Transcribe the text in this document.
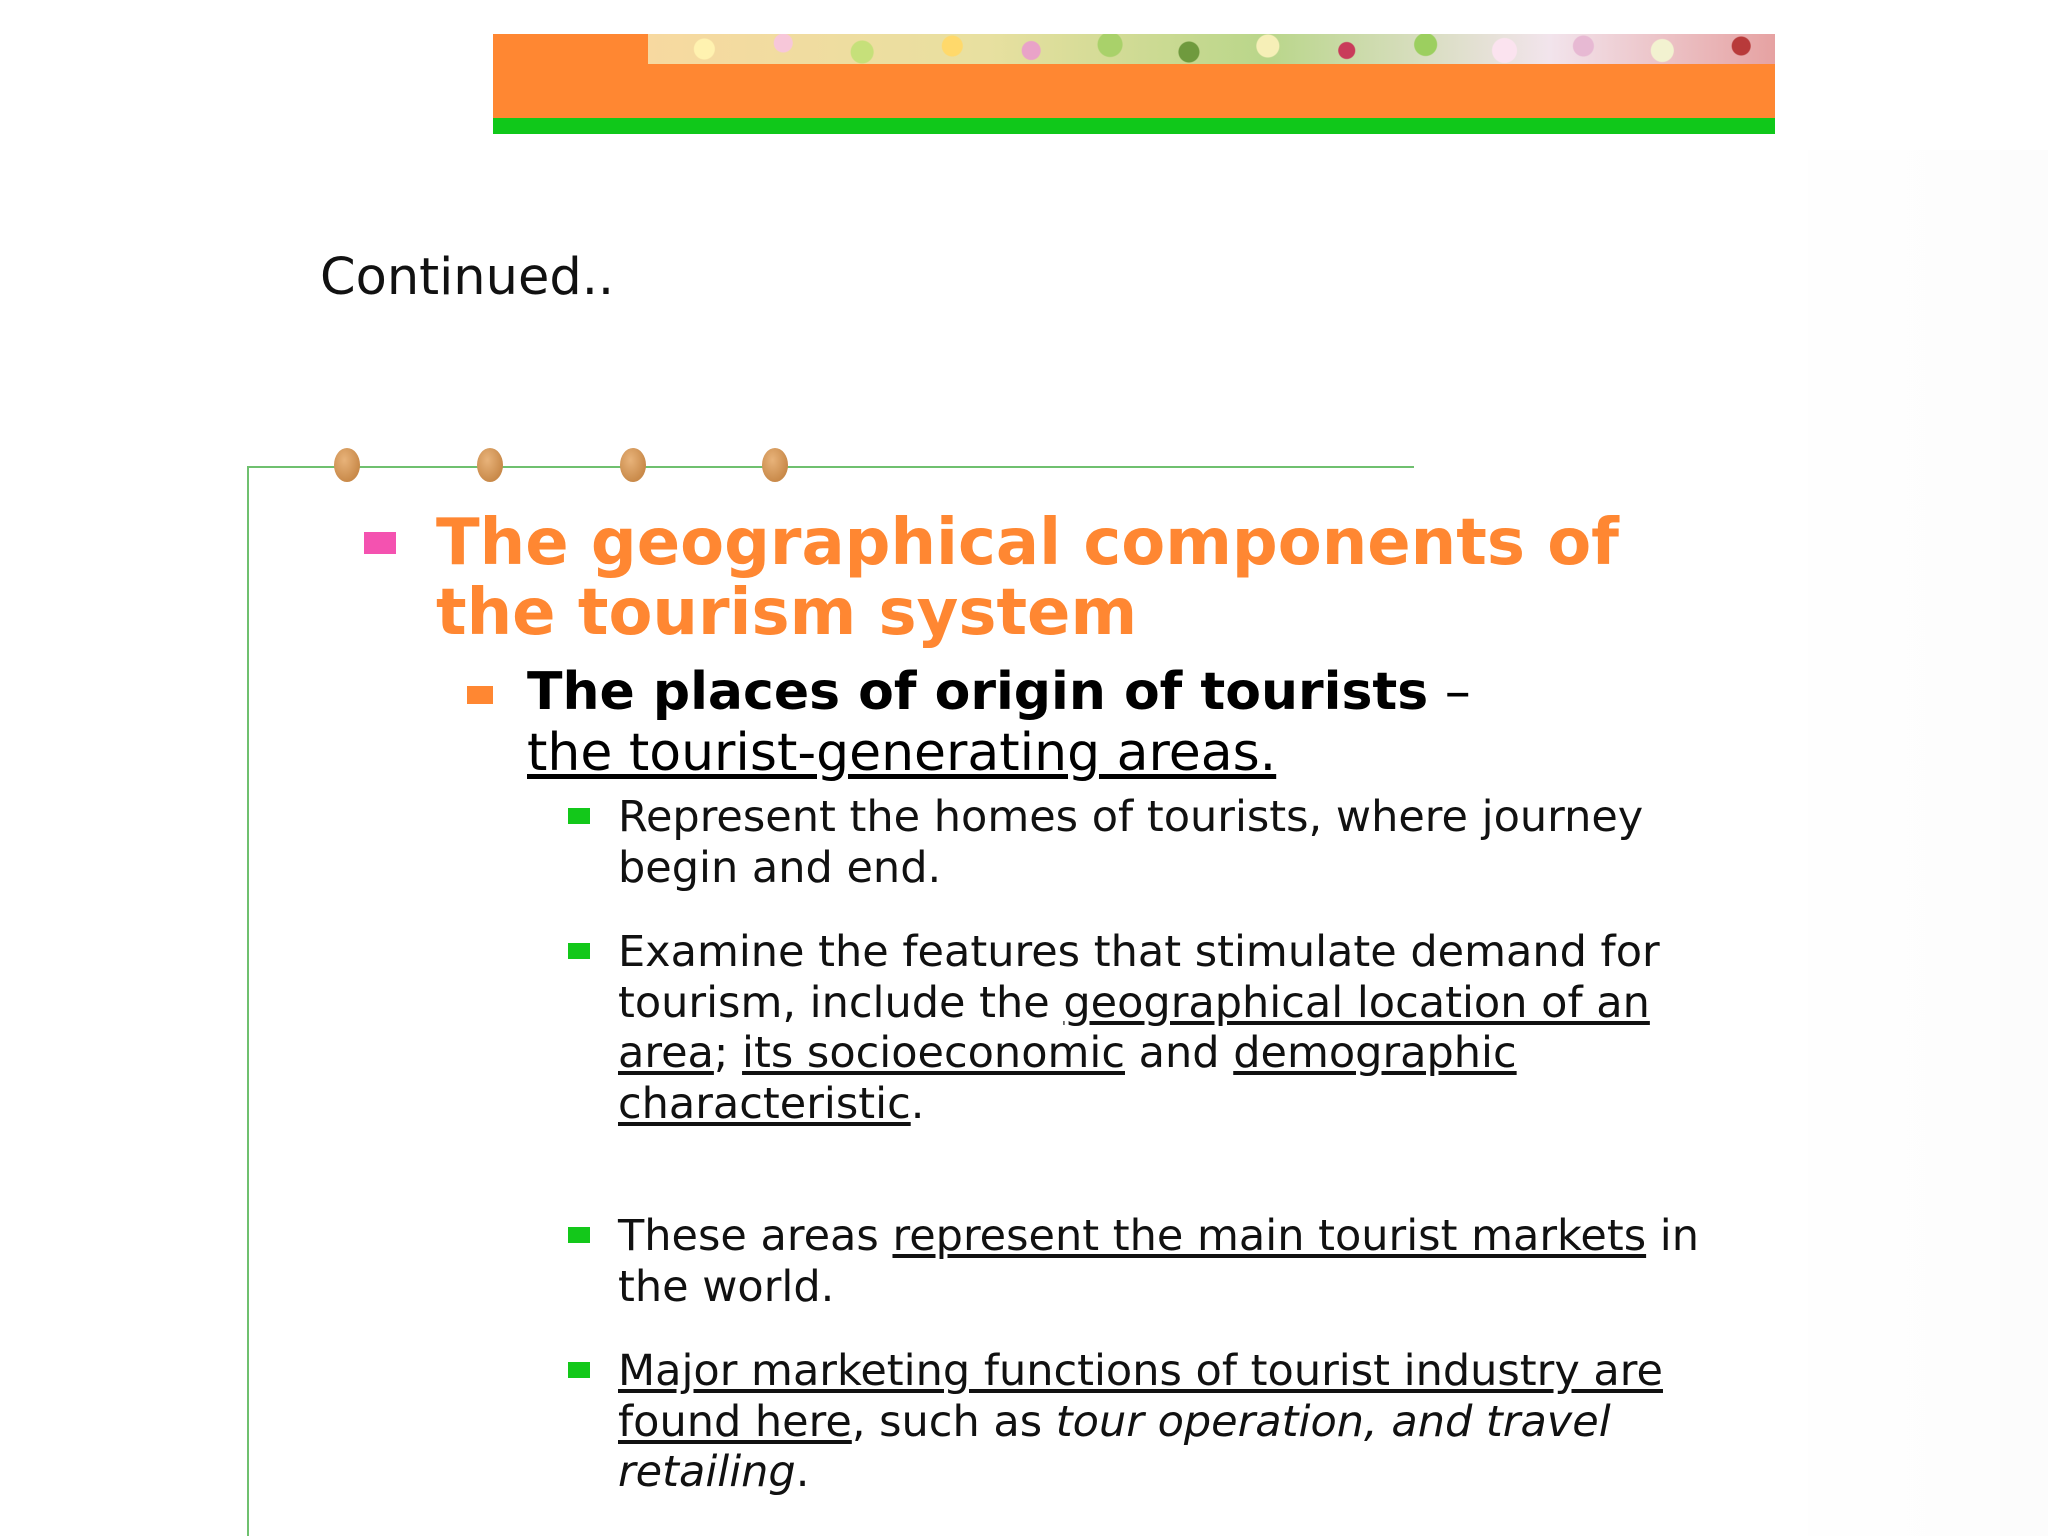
Continued..
The geographical components of the tourism system
The places of origin of tourists –
the tourist-generating areas.
Represent the homes of tourists, where journey begin and end.
Examine the features that stimulate demand for tourism, include the geographical location of an area; its socioeconomic and demographic characteristic.
These areas represent the main tourist markets in the world.
Major marketing functions of tourist industry are found here, such as tour operation, and travel retailing.
